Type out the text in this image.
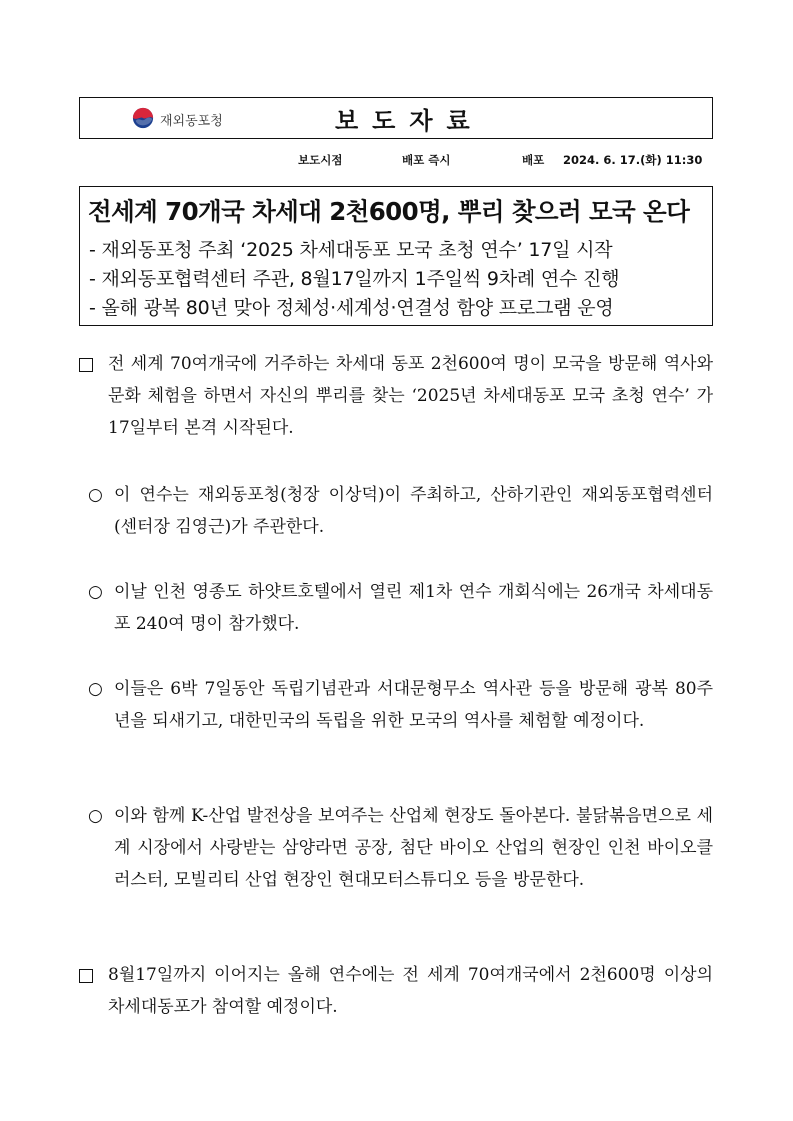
재외동포청	보도자료
보도시점	배포 즉시	배포 2024. 6. 17.(화) 11:30
전세계 70개국 차세대 2천600명, 뿌리 찾으러 모국 온다
- 재외동포청 주최 ‘2025 차세대동포 모국 초청 연수’ 17일 시작
- 재외동포협력센터 주관, 8월17일까지 1주일씩 9차례 연수 진행
- 올해 광복 80년 맞아 정체성·세계성·연결성 함양 프로그램 운영
전 세계 70여개국에 거주하는 차세대 동포 2천600여 명이 모국을 방문해 역사와 문화 체험을 하면서 자신의 뿌리를 찾는 ‘2025년 차세대동포 모국 초청 연수’ 가 17일부터 본격 시작된다.
○ 이 연수는 재외동포청(청장 이상덕)이 주최하고, 산하기관인 재외동포협력센터(센터장 김영근)가 주관한다.
○ 이날 인천 영종도 하얏트호텔에서 열린 제1차 연수 개회식에는 26개국 차세대동포 240여 명이 참가했다.
○ 이들은 6박 7일동안 독립기념관과 서대문형무소 역사관 등을 방문해 광복 80주년을 되새기고, 대한민국의 독립을 위한 모국의 역사를 체험할 예정이다.
○ 이와 함께 K-산업 발전상을 보여주는 산업체 현장도 돌아본다. 불닭볶음면으로 세계 시장에서 사랑받는 삼양라면 공장, 첨단 바이오 산업의 현장인 인천 바이오클러스터, 모빌리티 산업 현장인 현대모터스튜디오 등을 방문한다.
8월17일까지 이어지는 올해 연수에는 전 세계 70여개국에서 2천600명 이상의 차세대동포가 참여할 예정이다.
